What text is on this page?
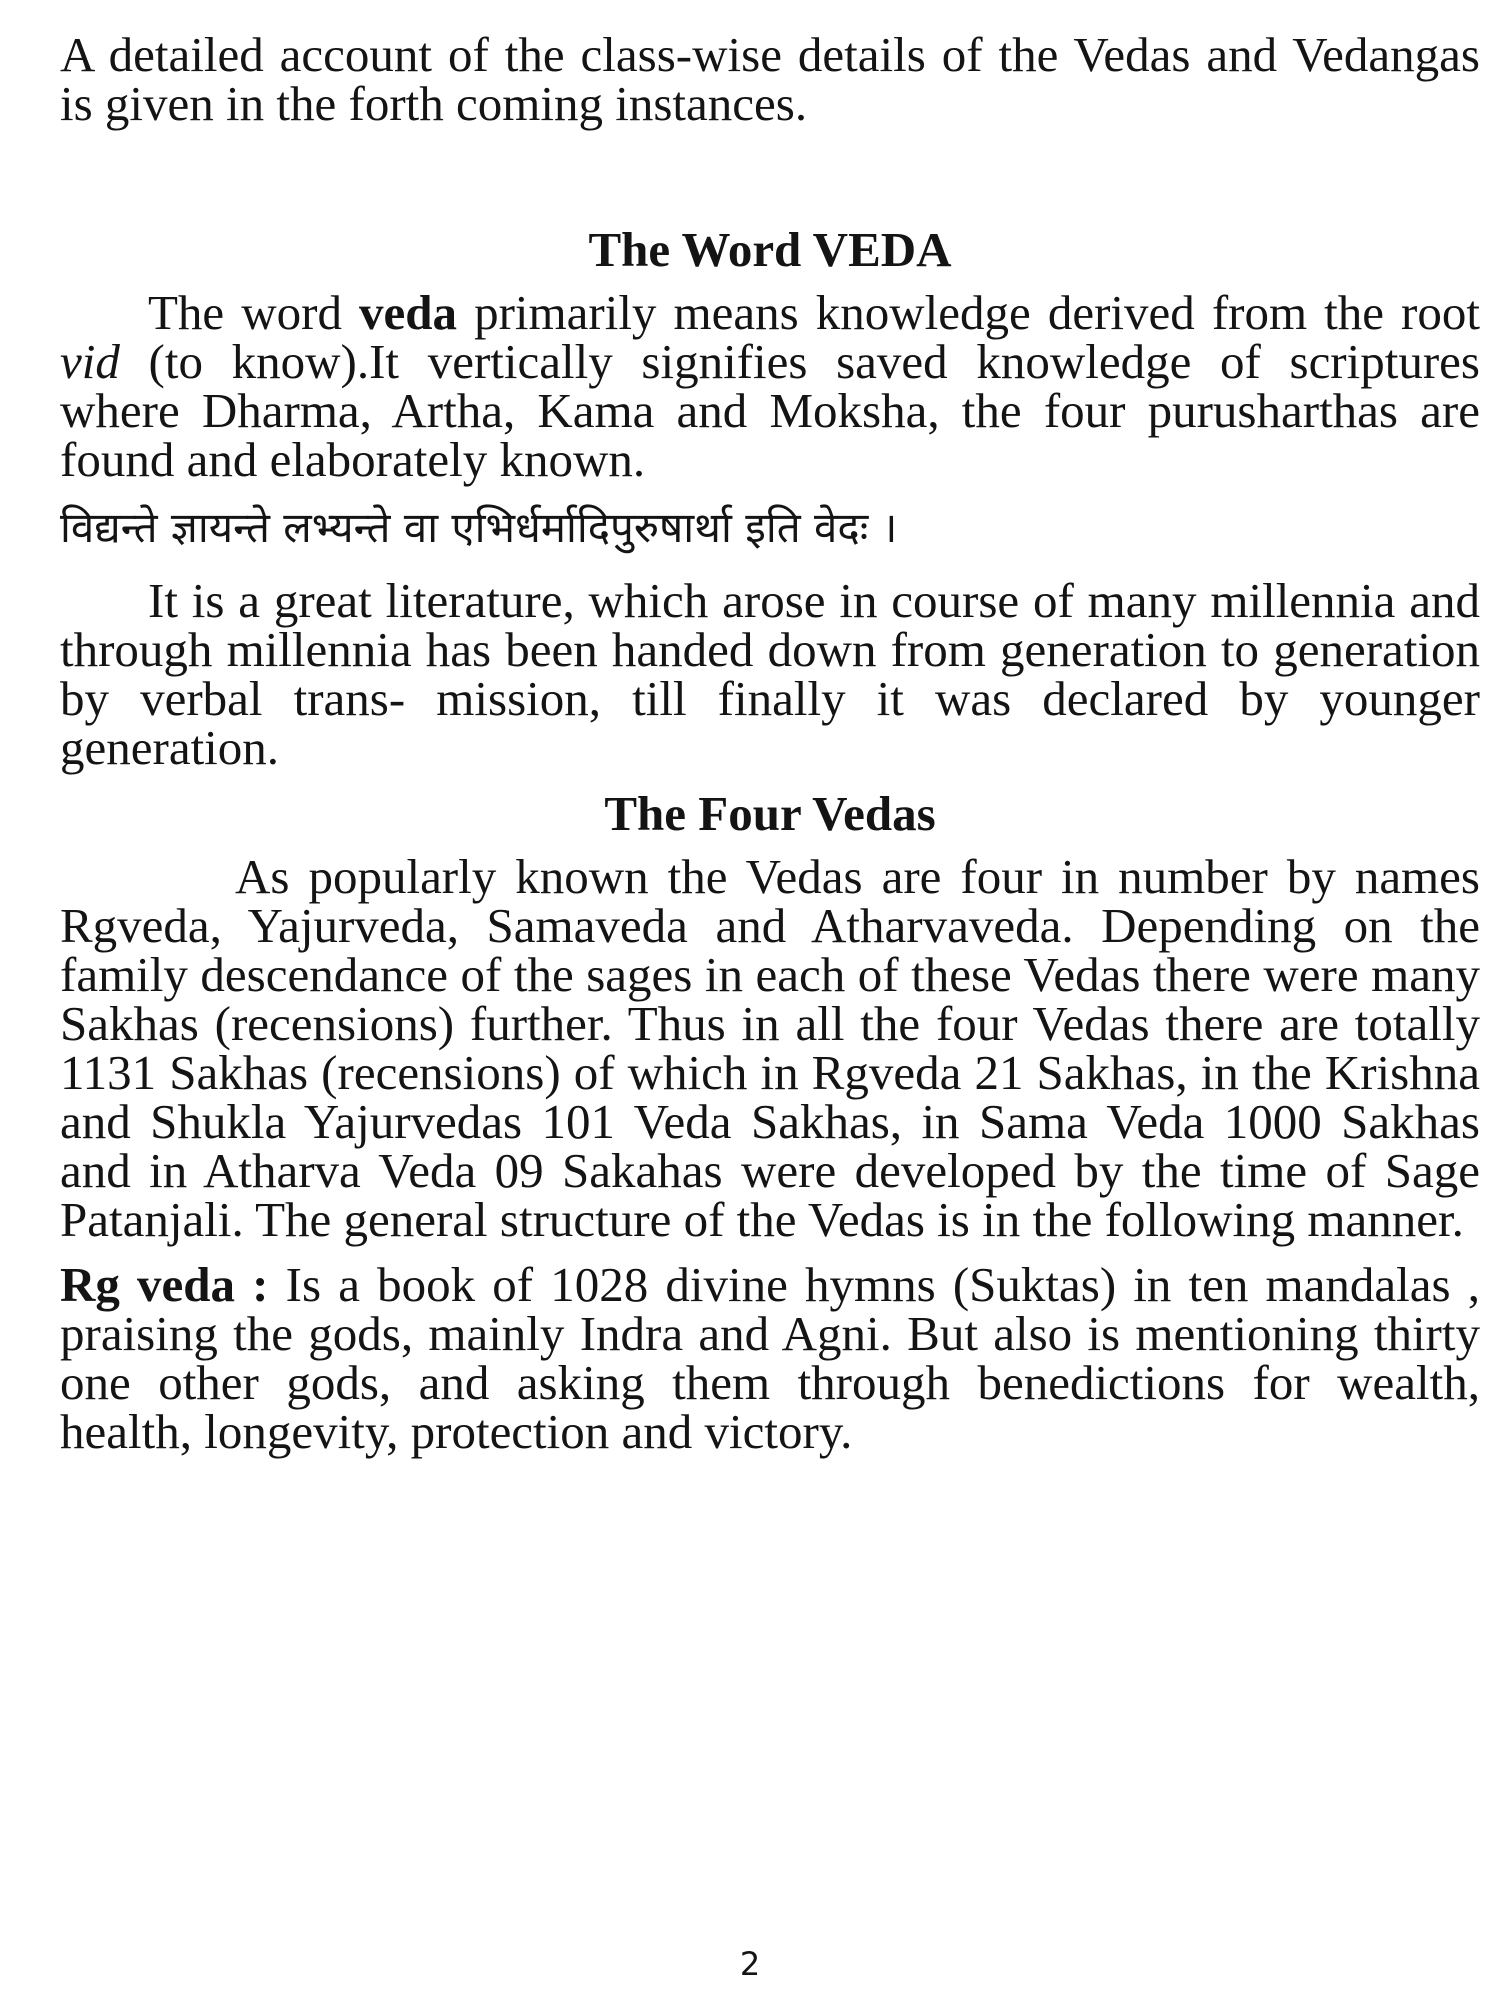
A detailed account of the class-wise details of the Vedas and Vedangas is given in the forth coming instances.

The Word VEDA

The word veda primarily means knowledge derived from the root vid (to know).It vertically signifies saved knowledge of scriptures where Dharma, Artha, Kama and Moksha, the four purusharthas are found and elaborately known.

विद्यन्ते ज्ञायन्ते लभ्यन्ते वा एभिर्धर्मादिपुरुषार्था इति वेदः ।

It is a great literature, which arose in course of many millennia and through millennia has been handed down from generation to generation by verbal trans- mission, till finally it was declared by younger generation.

The Four Vedas

As popularly known the Vedas are four in number by names Rgveda, Yajurveda, Samaveda and Atharvaveda. Depending on the family descendance of the sages in each of these Vedas there were many Sakhas (recensions) further. Thus in all the four Vedas there are totally 1131 Sakhas (recensions) of which in Rgveda 21 Sakhas, in the Krishna and Shukla Yajurvedas 101 Veda Sakhas, in Sama Veda 1000 Sakhas and in Atharva Veda 09 Sakahas were developed by the time of Sage Patanjali. The general structure of the Vedas is in the following manner.

Rg veda : Is a book of 1028 divine hymns (Suktas) in ten mandalas , praising the gods, mainly Indra and Agni. But also is mentioning thirty one other gods, and asking them through benedictions for wealth, health, longevity, protection and victory.

2
